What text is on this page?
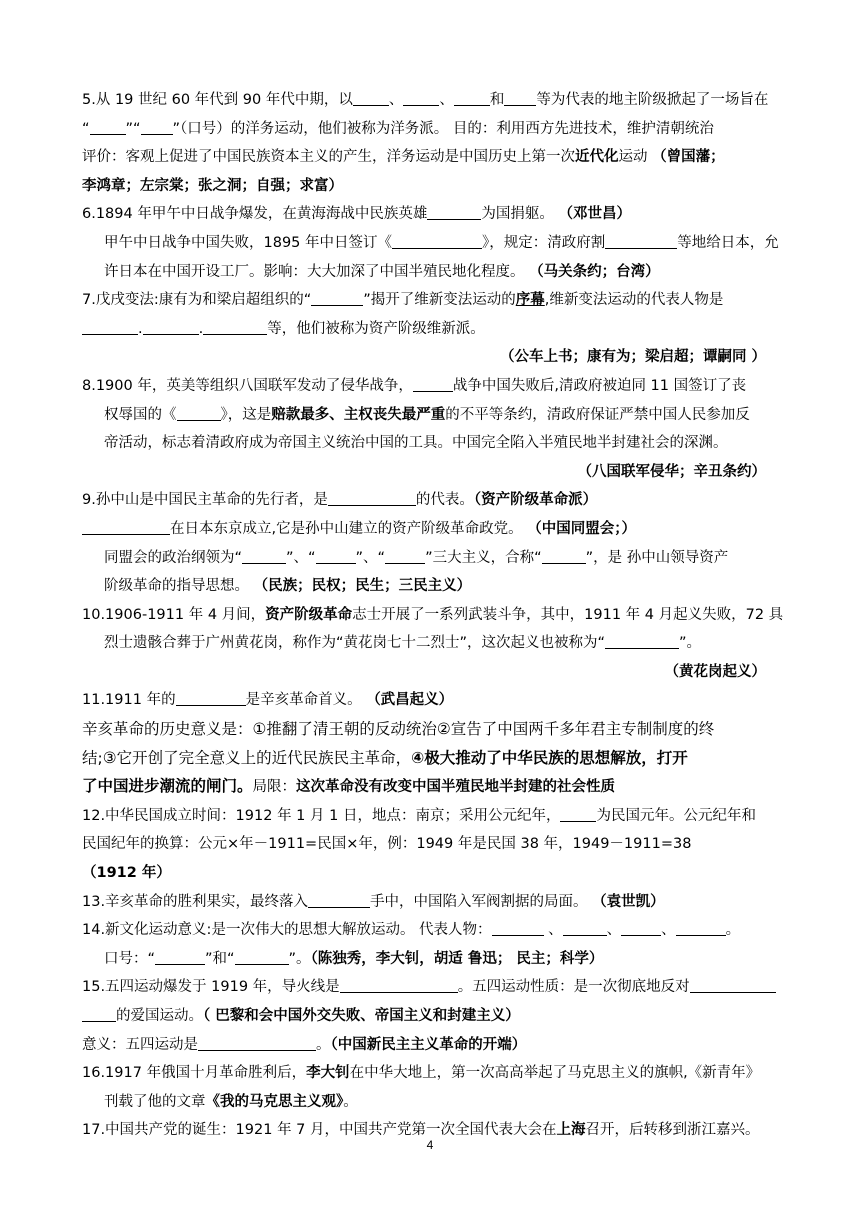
5.从 19 世纪 60 年代到 90 年代中期，以 、 、 和 等为代表的地主阶级掀起了一场旨在

“ ”“ ”（口号）的洋务运动，他们被称为洋务派。 目的：利用西方先进技术，维护清朝统治

评价：客观上促进了中国民族资本主义的产生，洋务运动是中国历史上第一次近代化运动 （曾国藩；

李鸿章；左宗棠；张之洞；自强；求富）

6.1894 年甲午中日战争爆发，在黄海海战中民族英雄	为国捐躯。 （邓世昌）

甲午中日战争中国失败，1895 年中日签订《	》，规定：清政府割	等地给日本，允

许日本在中国开设工厂。影响：大大加深了中国半殖民地化程度。 （马关条约；台湾）

7.戊戌变法:康有为和梁启超组织的“	”揭开了维新变法运动的序幕,维新变法运动的代表人物是

.	.	等，他们被称为资产阶级维新派。

（公车上书；康有为；梁启超；谭嗣同 ）

8.1900 年，英美等组织八国联军发动了侵华战争，	战争中国失败后,清政府被迫同 11 国签订了丧

权辱国的《	》，这是赔款最多、主权丧失最严重的不平等条约，清政府保证严禁中国人民参加反

帝活动，标志着清政府成为帝国主义统治中国的工具。中国完全陷入半殖民地半封建社会的深渊。

（八国联军侵华；辛丑条约）

9.孙中山是中国民主革命的先行者，是	的代表。（资产阶级革命派）

在日本东京成立,它是孙中山建立的资产阶级革命政党。 （中国同盟会；）

同盟会的政治纲领为“	”、“	”、“	”三大主义，合称“	”，是 孙中山领导资产

阶级革命的指导思想。 （民族；民权；民生；三民主义）

10.1906-1911 年 4 月间，资产阶级革命志士开展了一系列武装斗争，其中，1911 年 4 月起义失败，72 具

烈士遗骸合葬于广州黄花岗，称作为“黄花岗七十二烈士”，这次起义也被称为“	”。

（黄花岗起义）

11.1911 年的	是辛亥革命首义。 （武昌起义）

辛亥革命的历史意义是：①推翻了清王朝的反动统治②宣告了中国两千多年君主专制制度的终

结;③它开创了完全意义上的近代民族民主革命，④极大推动了中华民族的思想解放，打开

了中国进步潮流的闸门。局限：这次革命没有改变中国半殖民地半封建的社会性质

12.中华民国成立时间：1912 年 1 月 1 日，地点：南京；采用公元纪年， 为民国元年。公元纪年和

民国纪年的换算：公元×年－1911=民国×年，例：1949 年是民国 38 年，1949－1911=38 （1912 年）

13.辛亥革命的胜利果实，最终落入	手中，中国陷入军阀割据的局面。 （袁世凯）

14.新文化运动意义:是一次伟大的思想大解放运动。 代表人物：	、	、	、	。

口号：“	”和“	”。（陈独秀，李大钊，胡适 鲁迅； 民主；科学）

15.五四运动爆发于 1919 年，导火线是	。五四运动性质：是一次彻底地反对

的爱国运动。（ 巴黎和会中国外交失败、帝国主义和封建主义）

意义：五四运动是	。（中国新民主主义革命的开端）

16.1917 年俄国十月革命胜利后，李大钊在中华大地上，第一次高高举起了马克思主义的旗帜,《新青年》

刊载了他的文章《我的马克思主义观》。

17.中国共产党的诞生：1921 年 7 月，中国共产党第一次全国代表大会在上海召开，后转移到浙江嘉兴。

4
